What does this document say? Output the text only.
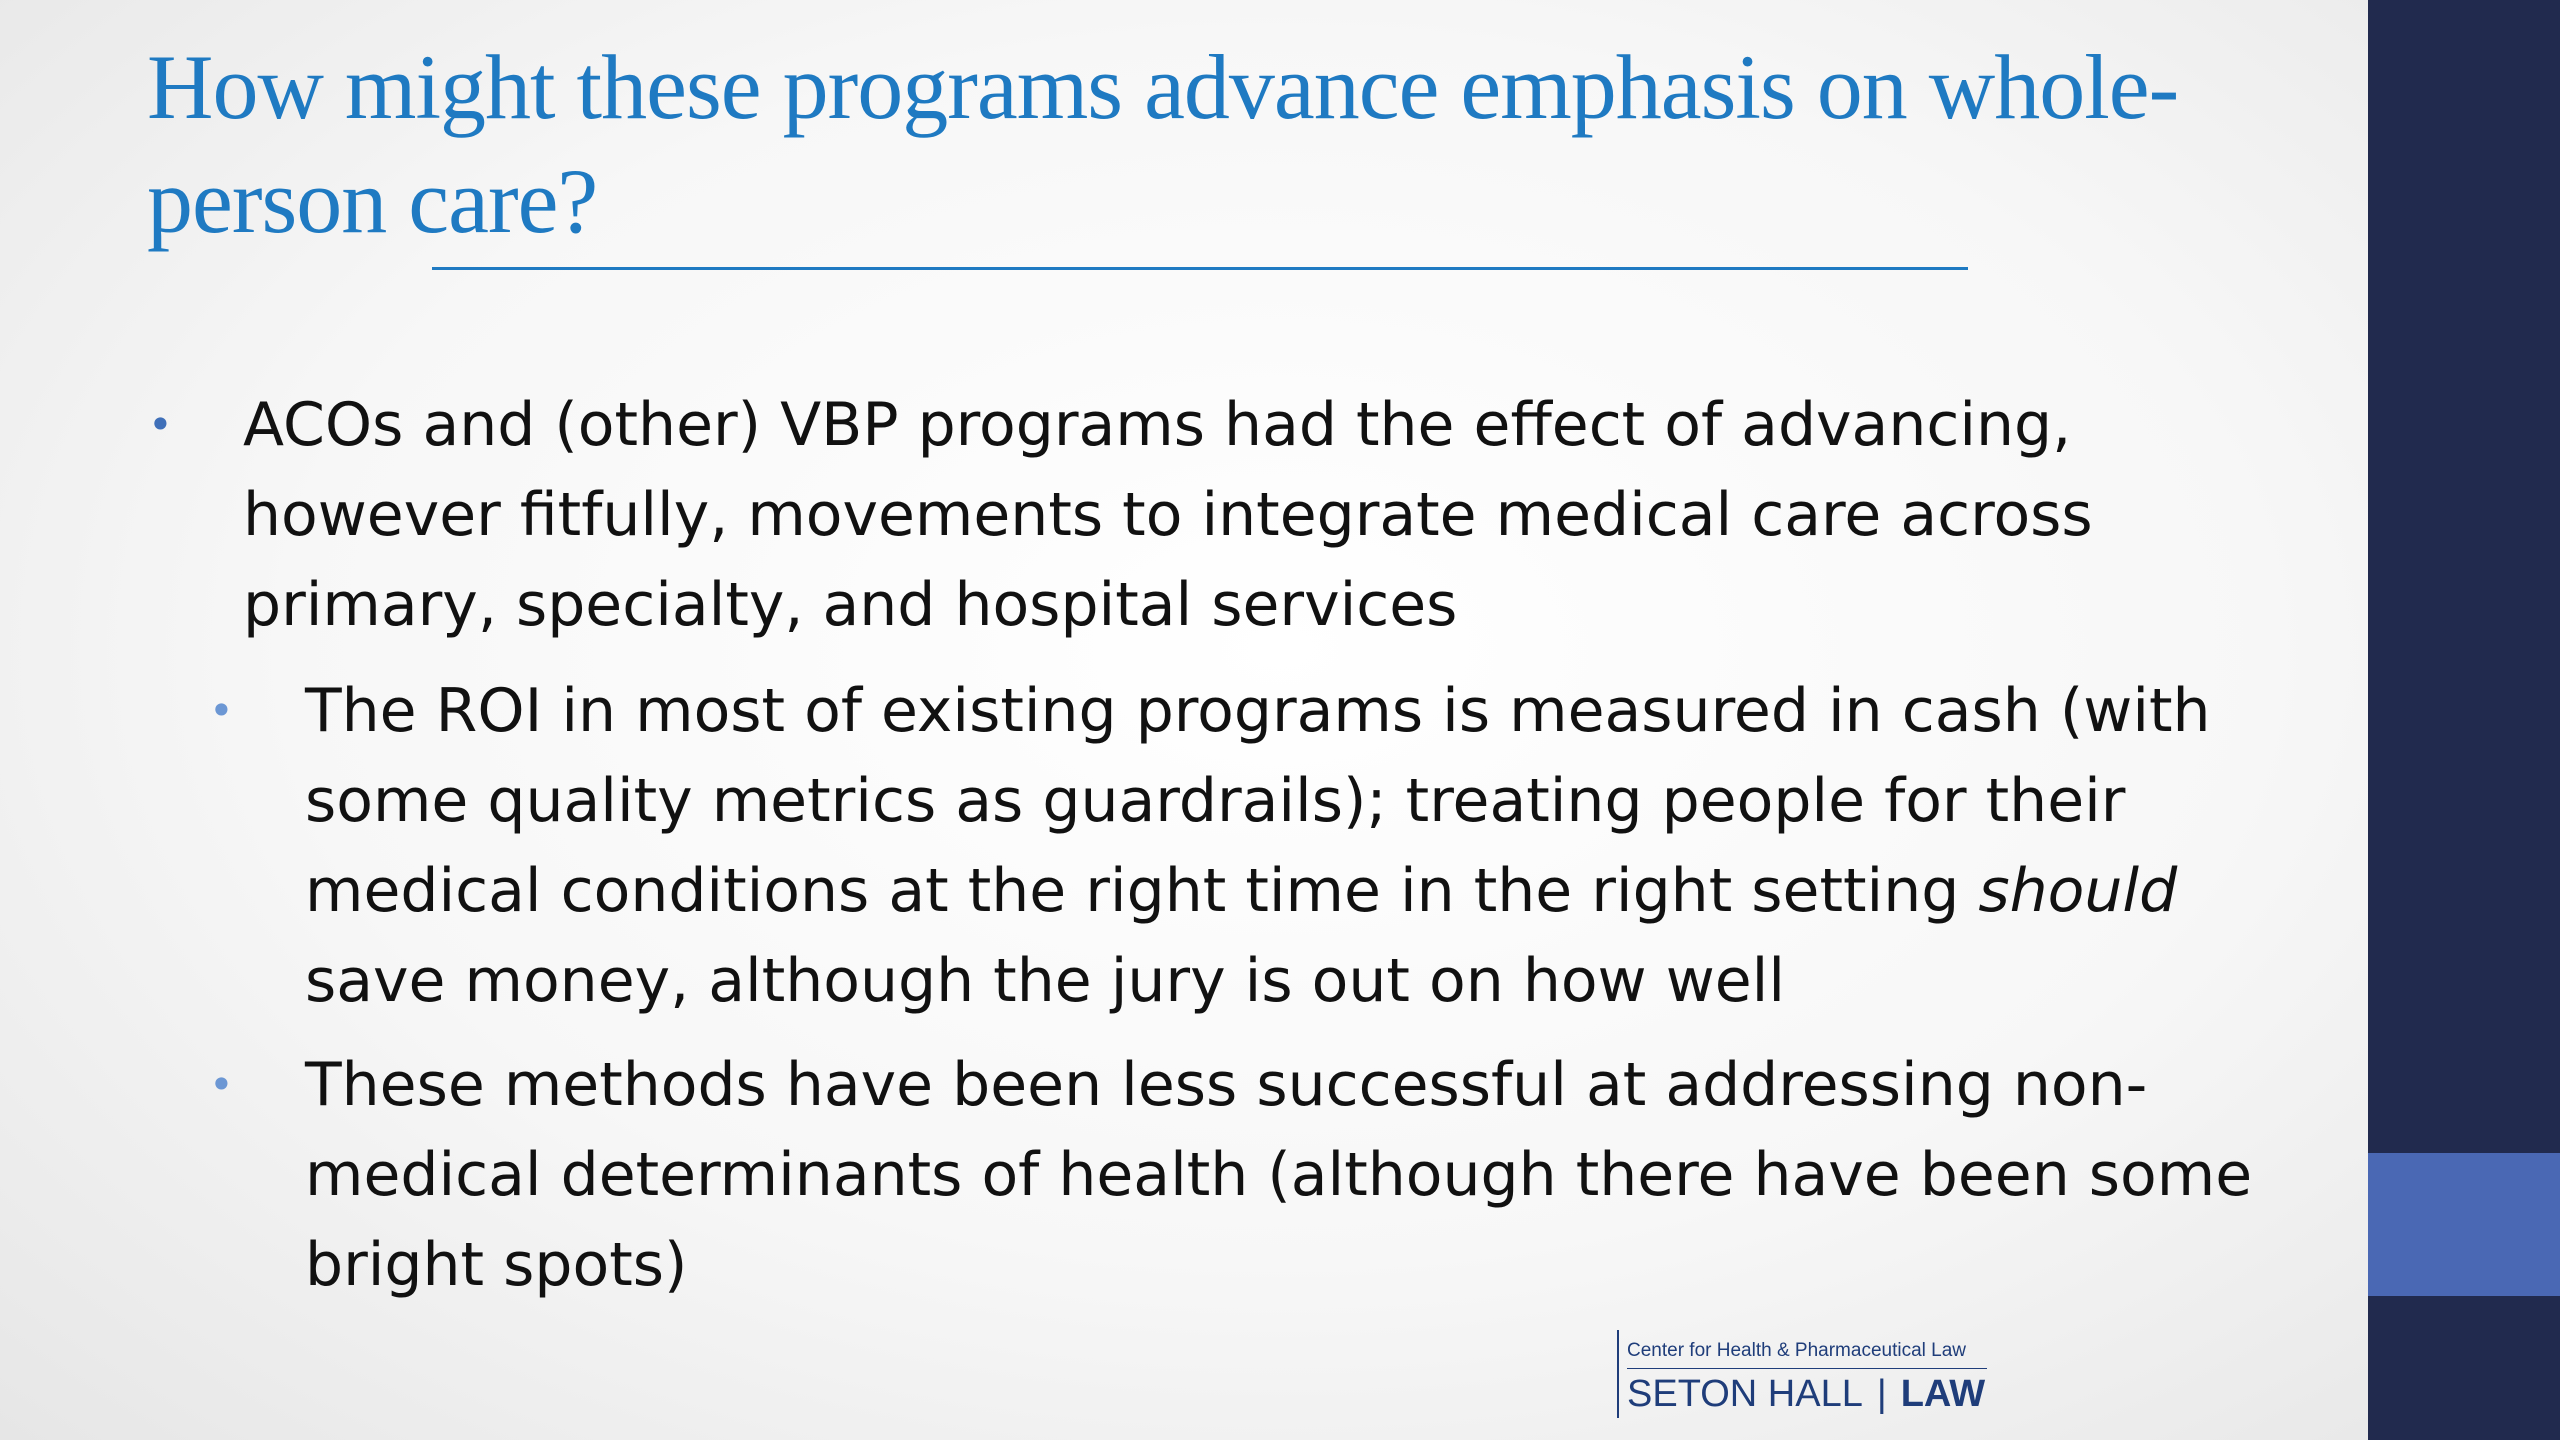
How might these programs advance emphasis on whole-person care?
• ACOs and (other) VBP programs had the effect of advancing, however fitfully, movements to integrate medical care across primary, specialty, and hospital services
• The ROI in most of existing programs is measured in cash (with some quality metrics as guardrails); treating people for their medical conditions at the right time in the right setting should save money, although the jury is out on how well
• These methods have been less successful at addressing non-medical determinants of health (although there have been some bright spots)
Center for Health & Pharmaceutical Law
SETON HALL | LAW
